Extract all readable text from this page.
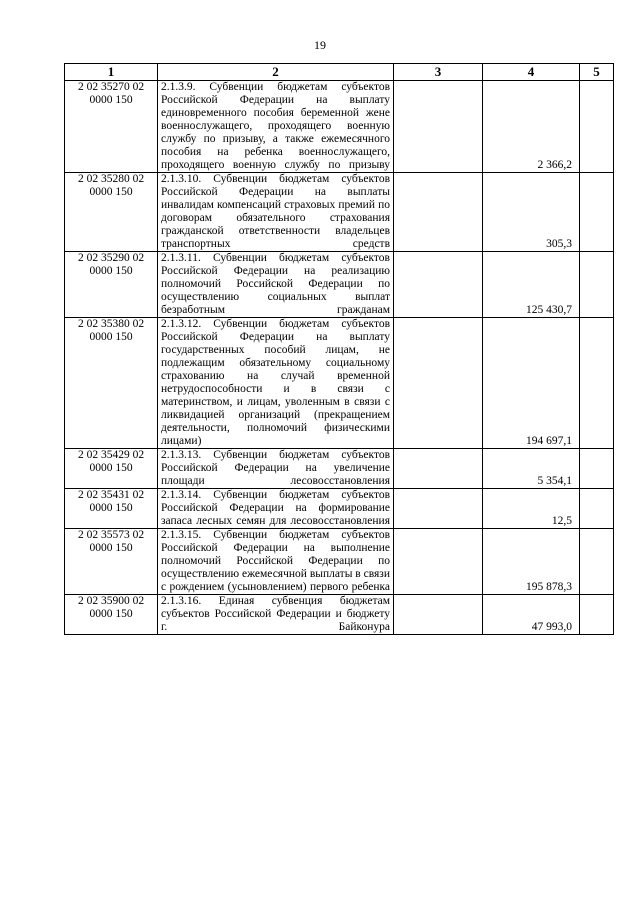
19
1	2	3	4	5
2 02 35270 02 0000 150	2.1.3.9. Субвенции бюджетам субъектов Российской Федерации на выплату единовременного пособия беременной жене военнослужащего, проходящего военную службу по призыву, а также ежемесячного пособия на ребенка военнослужащего, проходящего военную службу по призыву		2 366,2	
2 02 35280 02 0000 150	2.1.3.10. Субвенции бюджетам субъектов Российской Федерации на выплаты инвалидам компенсаций страховых премий по договорам обязательного страхования гражданской ответственности владельцев транспортных средств		305,3	
2 02 35290 02 0000 150	2.1.3.11. Субвенции бюджетам субъектов Российской Федерации на реализацию полномочий Российской Федерации по осуществлению социальных выплат безработным гражданам		125 430,7	
2 02 35380 02 0000 150	2.1.3.12. Субвенции бюджетам субъектов Российской Федерации на выплату государственных пособий лицам, не подлежащим обязательному социальному страхованию на случай временной нетрудоспособности и в связи с материнством, и лицам, уволенным в связи с ликвидацией организаций (прекращением деятельности, полномочий физическими лицами)		194 697,1	
2 02 35429 02 0000 150	2.1.3.13. Субвенции бюджетам субъектов Российской Федерации на увеличение площади лесовосстановления		5 354,1	
2 02 35431 02 0000 150	2.1.3.14. Субвенции бюджетам субъектов Российской Федерации на формирование запаса лесных семян для лесовосстановления		12,5	
2 02 35573 02 0000 150	2.1.3.15. Субвенции бюджетам субъектов Российской Федерации на выполнение полномочий Российской Федерации по осуществлению ежемесячной выплаты в связи с рождением (усыновлением) первого ребенка		195 878,3	
2 02 35900 02 0000 150	2.1.3.16. Единая субвенция бюджетам субъектов Российской Федерации и бюджету г. Байконура		47 993,0	
